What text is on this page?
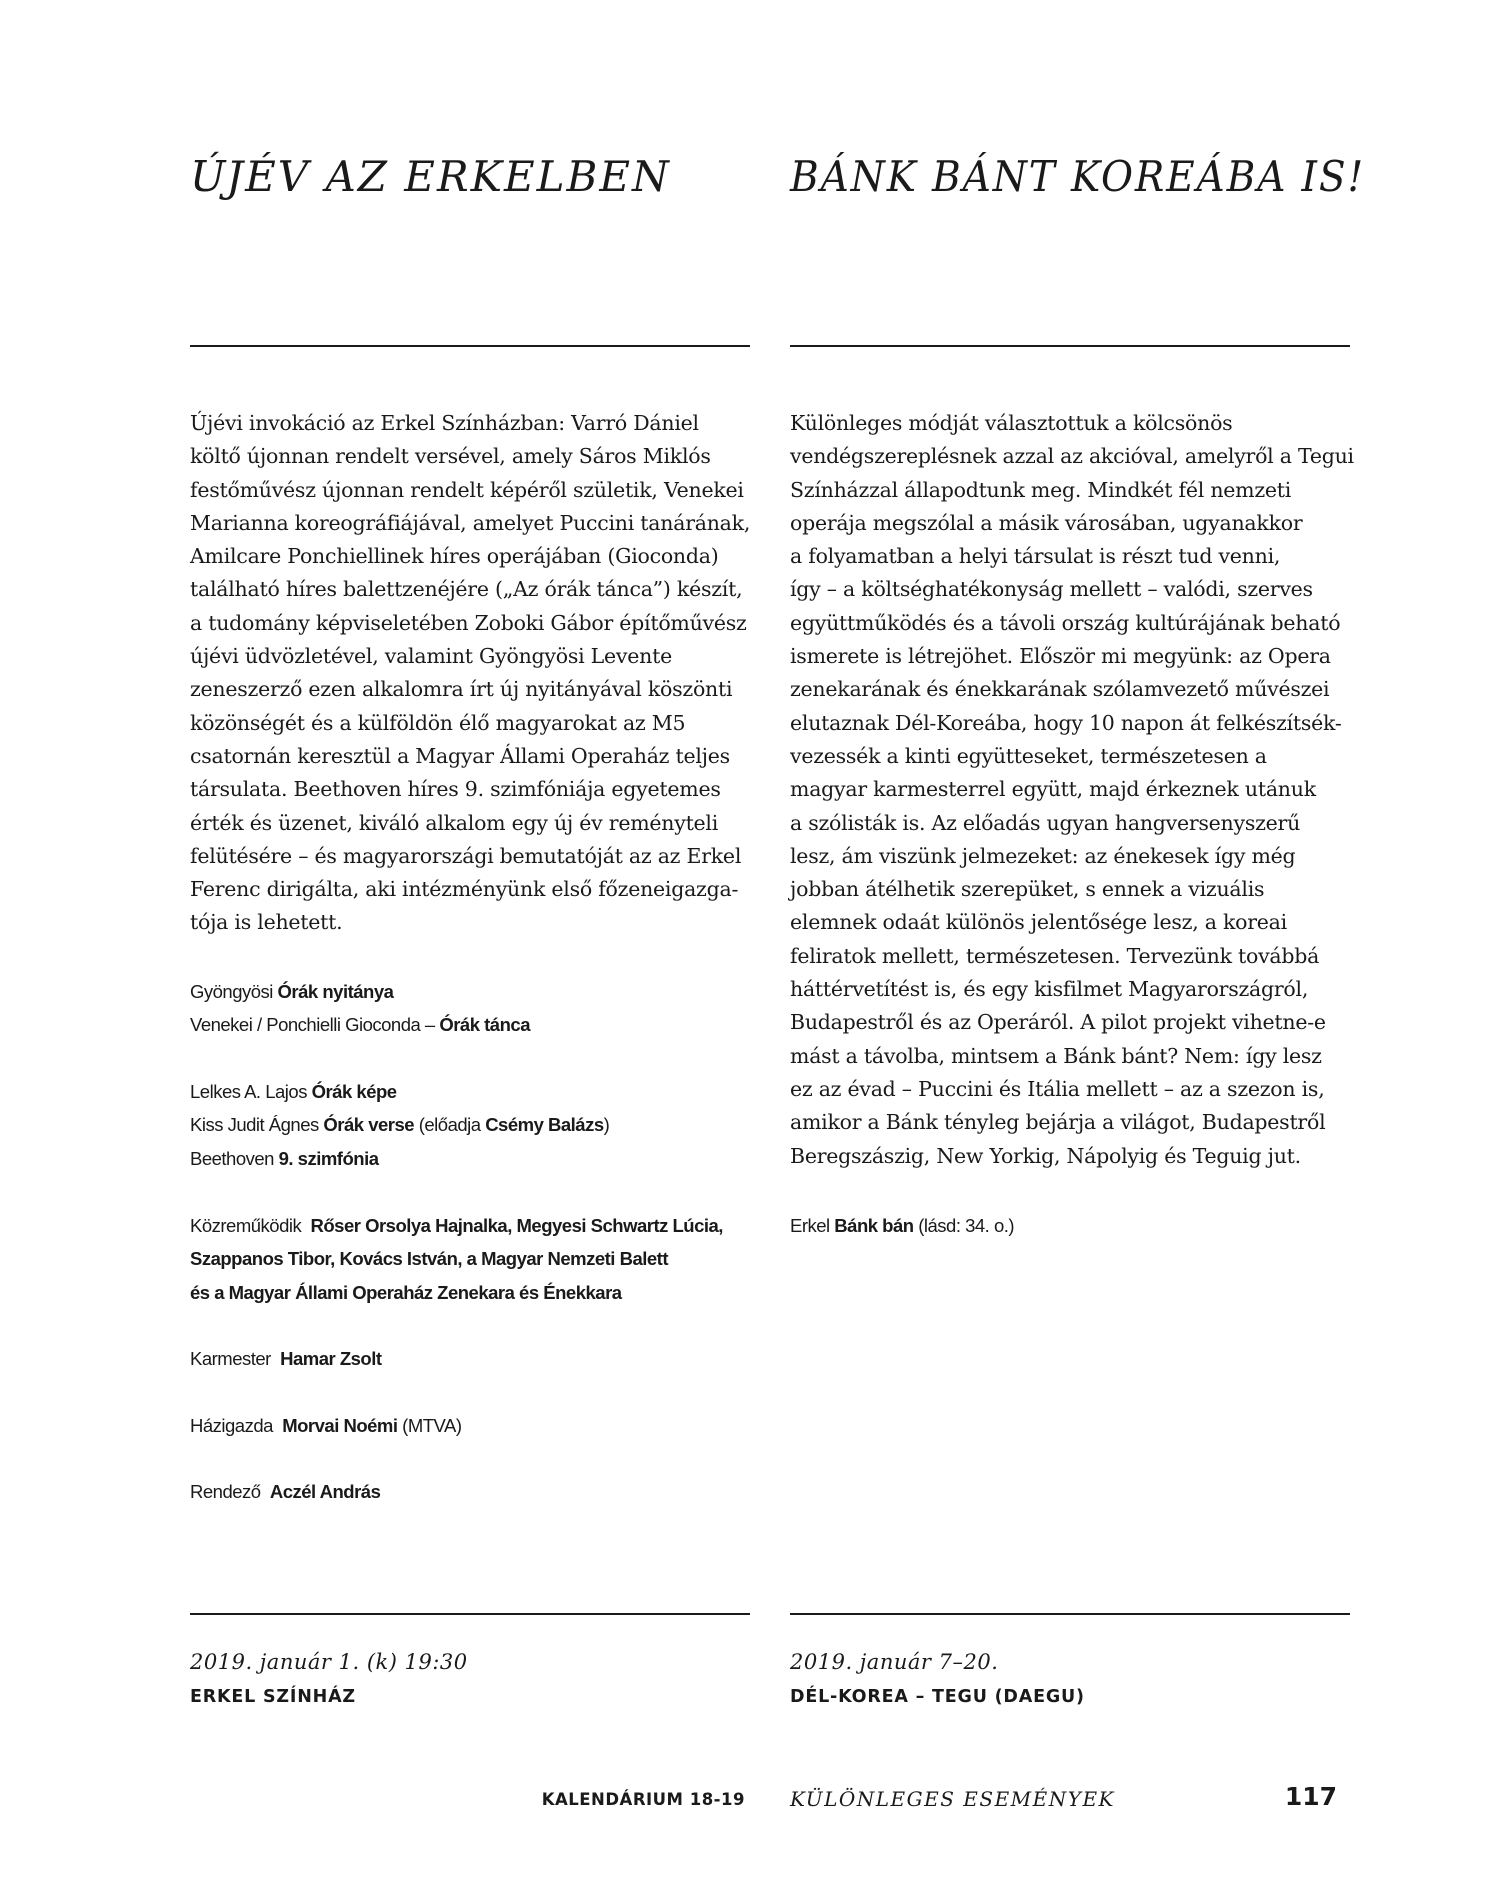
ÚJÉV AZ ERKELBEN	BÁNK BÁNT KOREÁBA IS!
Újévi invokáció az Erkel Színházban: Varró Dániel
költő újonnan rendelt versével, amely Sáros Miklós
festőművész újonnan rendelt képéről születik, Venekei
Marianna koreográfiájával, amelyet Puccini tanárának,
Amilcare Ponchiellinek híres operájában (Gioconda)
található híres balettzenéjére („Az órák tánca”) készít,
a tudomány képviseletében Zoboki Gábor építőművész
újévi üdvözletével, valamint Gyöngyösi Levente
zeneszerző ezen alkalomra írt új nyitányával köszönti
közönségét és a külföldön élő magyarokat az M5
csatornán keresztül a Magyar Állami Operaház teljes
társulata. Beethoven híres 9. szimfóniája egyetemes
érték és üzenet, kiváló alkalom egy új év reményteli
felütésére – és magyarországi bemutatóját az az Erkel
Ferenc dirigálta, aki intézményünk első főzeneigazga-
tója is lehetett.
Különleges módját választottuk a kölcsönös
vendégszereplésnek azzal az akcióval, amelyről a Tegui
Színházzal állapodtunk meg. Mindkét fél nemzeti
operája megszólal a másik városában, ugyanakkor
a folyamatban a helyi társulat is részt tud venni,
így – a költséghatékonyság mellett – valódi, szerves
együttműködés és a távoli ország kultúrájának beható
ismerete is létrejöhet. Először mi megyünk: az Opera
zenekarának és énekkarának szólamvezető művészei
elutaznak Dél-Koreába, hogy 10 napon át felkészítsék-
vezessék a kinti együtteseket, természetesen a
magyar karmesterrel együtt, majd érkeznek utánuk
a szólisták is. Az előadás ugyan hangversenyszerű
lesz, ám viszünk jelmezeket: az énekesek így még
jobban átélhetik szerepüket, s ennek a vizuális
elemnek odaát különös jelentősége lesz, a koreai
feliratok mellett, természetesen. Tervezünk továbbá
háttérvetítést is, és egy kisfilmet Magyarországról,
Budapestről és az Operáról. A pilot projekt vihetne-e
mást a távolba, mintsem a Bánk bánt? Nem: így lesz
ez az évad – Puccini és Itália mellett – az a szezon is,
amikor a Bánk tényleg bejárja a világot, Budapestről
Beregszászig, New Yorkig, Nápolyig és Teguig jut.
Gyöngyösi Órák nyitánya
Venekei / Ponchielli Gioconda – Órák tánca
Lelkes A. Lajos Órák képe
Kiss Judit Ágnes Órák verse (előadja Csémy Balázs)
Beethoven 9. szimfónia
Közreműködik Rőser Orsolya Hajnalka, Megyesi Schwartz Lúcia,
Szappanos Tibor, Kovács István, a Magyar Nemzeti Balett
és a Magyar Állami Operaház Zenekara és Énekkara
Karmester Hamar Zsolt
Házigazda Morvai Noémi (MTVA)
Rendező Aczél András
Erkel Bánk bán (lásd: 34. o.)
2019. január 1. (k) 19:30
ERKEL SZÍNHÁZ
2019. január 7–20.
DÉL-KOREA – TEGU (DAEGU)
KALENDÁRIUM 18-19 KÜLÖNLEGES ESEMÉNYEK	117
